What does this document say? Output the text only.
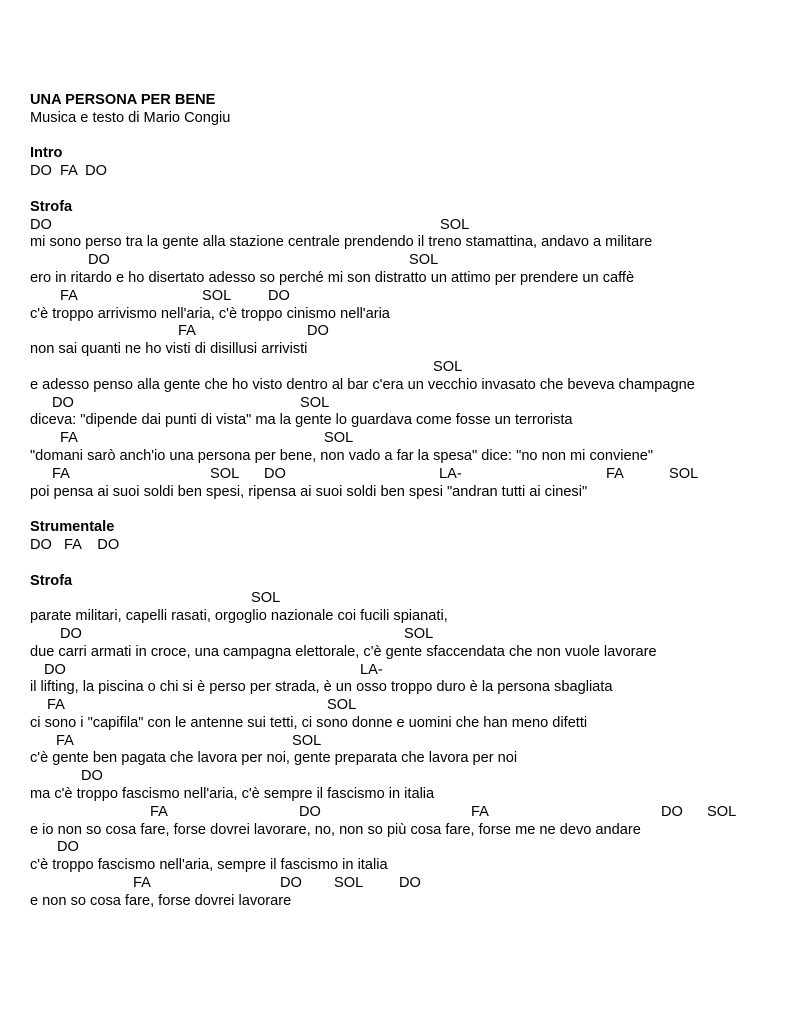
UNA PERSONA PER BENE
Musica e testo di Mario Congiu
Intro
DO  FA  DO
Strofa
DO	SOL
mi sono perso tra la gente alla stazione centrale prendendo il treno stamattina, andavo a militare
DO	SOL
ero in ritardo e ho disertato adesso so perché mi son distratto un attimo per prendere un caffè
FA	SOL	DO
c'è troppo arrivismo nell'aria, c'è troppo cinismo nell'aria
FA	DO
non sai quanti ne ho visti di disillusi arrivisti
SOL
e adesso penso alla gente che ho visto dentro al bar c'era un vecchio invasato che beveva champagne
DO	SOL
diceva: "dipende dai punti di vista" ma la gente lo guardava come fosse un terrorista
FA	SOL
"domani sarò anch'io una persona per bene, non vado a far la spesa" dice: "no non mi conviene"
FA	SOL DO	LA-	FA	SOL
poi pensa ai suoi soldi ben spesi, ripensa ai suoi soldi ben spesi "andran tutti ai cinesi"
Strumentale
DO   FA    DO
Strofa
SOL
parate militari, capelli rasati, orgoglio nazionale coi fucili spianati,
DO	SOL
due carri armati in croce, una campagna elettorale, c'è gente sfaccendata che non vuole lavorare
DO	LA-
il lifting, la piscina o chi si è perso per strada, è un osso troppo duro è la persona sbagliata
FA	SOL
ci sono i "capifila" con le antenne sui tetti, ci sono donne e uomini che han meno difetti
FA	SOL
c'è gente ben pagata che lavora per noi, gente preparata che lavora per noi
DO
ma c'è troppo fascismo nell'aria, c'è sempre il fascismo in italia
FA	DO	FA	DO SOL
e io non so cosa fare, forse dovrei lavorare, no, non so più cosa fare, forse me ne devo andare
DO
c'è troppo fascismo nell'aria, sempre il fascismo in italia
FA	DO SOL DO
e non so cosa fare, forse dovrei lavorare
